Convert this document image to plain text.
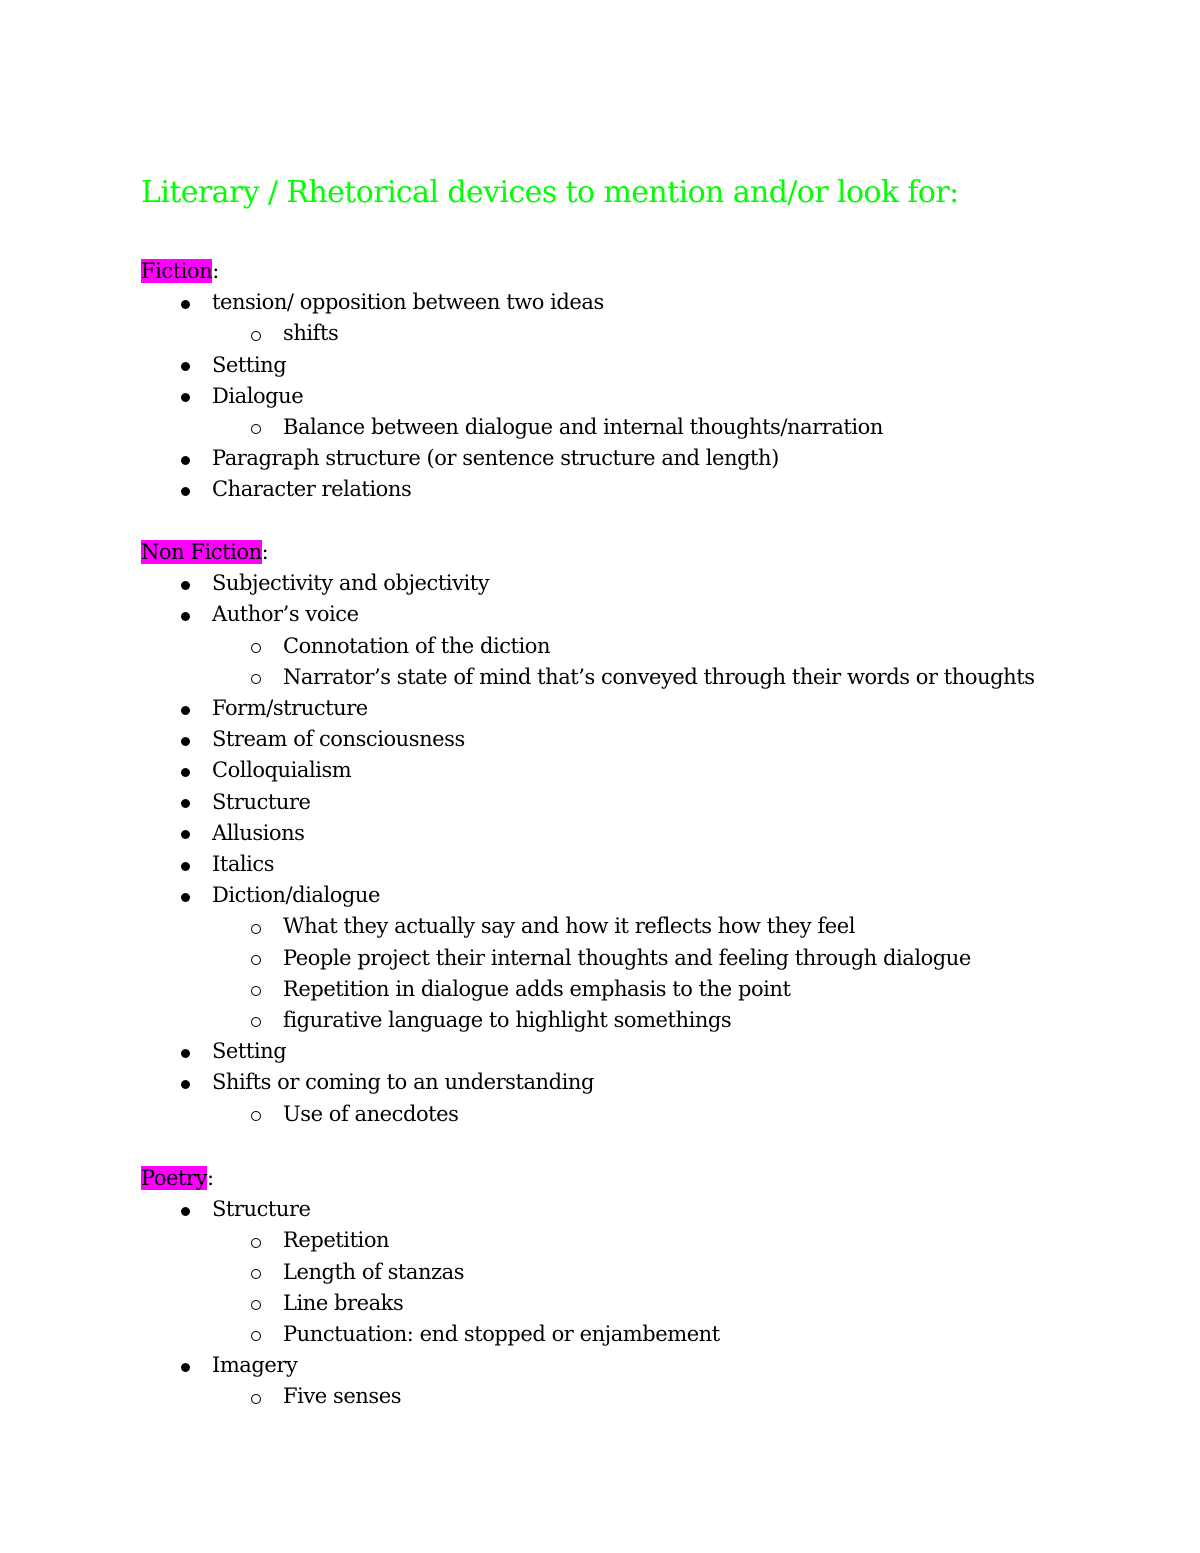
Literary / Rhetorical devices to mention and/or look for:
Fiction:
tension/ opposition between two ideas
shifts
Setting
Dialogue
Balance between dialogue and internal thoughts/narration
Paragraph structure (or sentence structure and length)
Character relations
Non Fiction:
Subjectivity and objectivity
Author’s voice
Connotation of the diction
Narrator’s state of mind that’s conveyed through their words or thoughts
Form/structure
Stream of consciousness
Colloquialism
Structure
Allusions
Italics
Diction/dialogue
What they actually say and how it reflects how they feel
People project their internal thoughts and feeling through dialogue
Repetition in dialogue adds emphasis to the point
figurative language to highlight somethings
Setting
Shifts or coming to an understanding
Use of anecdotes
Poetry:
Structure
Repetition
Length of stanzas
Line breaks
Punctuation: end stopped or enjambement
Imagery
Five senses
